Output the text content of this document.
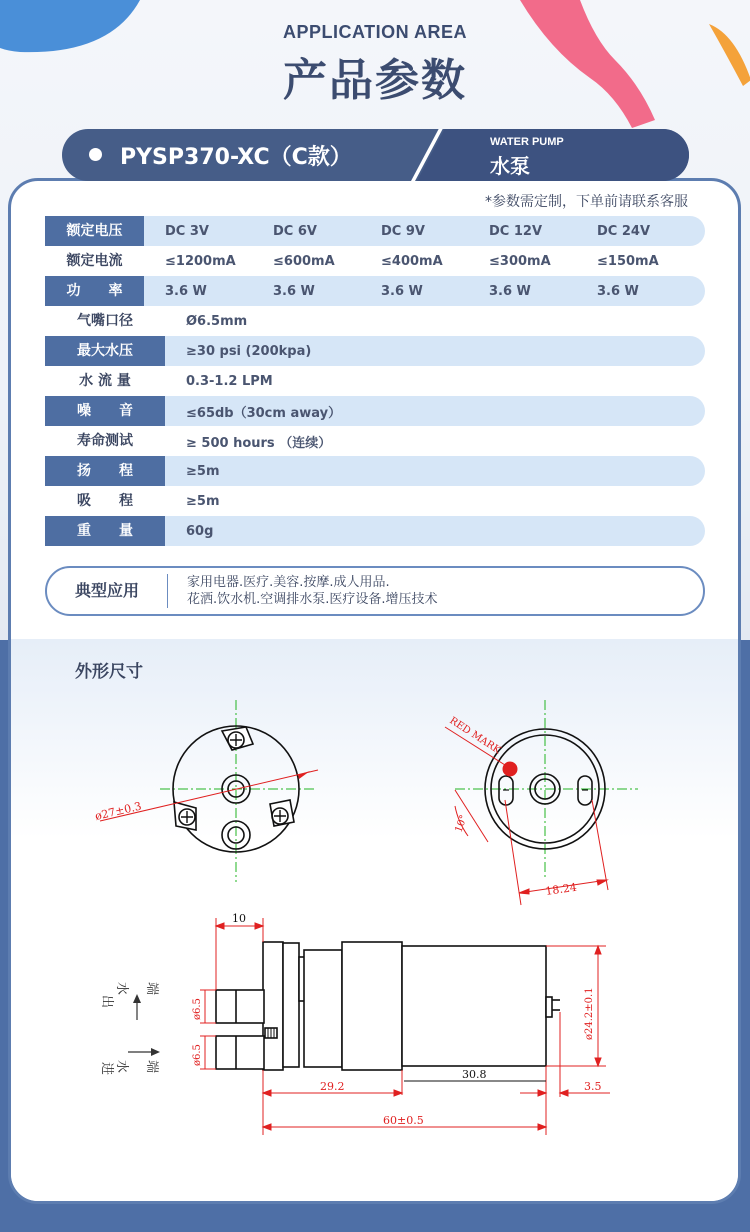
APPLICATION AREA
产品参数
PYSP370-XC（C款）
WATER PUMP
水泵
*参数需定制，下单前请联系客服
额定电压	DC 3V	DC 6V	DC 9V	DC 12V	DC 24V
额定电流	≤1200mA	≤600mA	≤400mA	≤300mA	≤150mA
功　　率	3.6 W	3.6 W	3.6 W	3.6 W	3.6 W
气嘴口径	Ø6.5mm
最大水压	≥30 psi (200kpa)
水 流 量	0.3-1.2 LPM
噪　　音	≤65db（30cm away）
寿命测试	≥ 500 hours （连续）
扬　　程	≥5m
吸　　程	≥5m
重　　量	60g
典型应用	家用电器.医疗.美容.按摩.成人用品.
花洒.饮水机.空调排水泵.医疗设备.增压技术
外形尺寸
ø27±0.3
RED MARK
10°
18.24
10
ø6.5
ø6.5
29.2
30.8
3.5
60±0.5
ø24.2±0.1
出
水 端
进 水 端
